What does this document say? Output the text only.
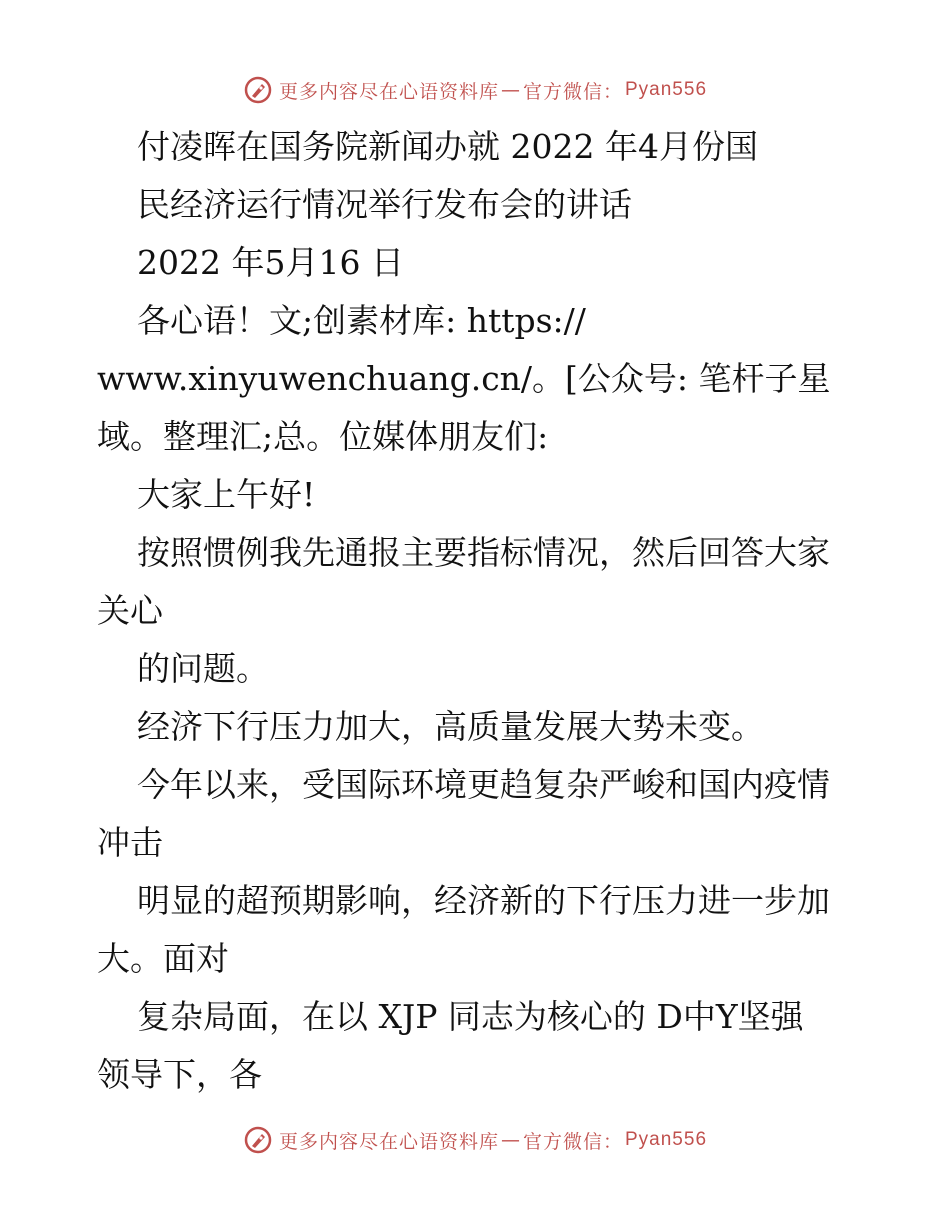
更多内容尽在心语资料库 — 官方微信： Pyan556
付凌晖在国务院新闻办就 2022 年4月份国
民经济运行情况举行发布会的讲话
2022 年5月16 日
各心语！文;创素材库: https://
www.xinyuwenchuang.cn/。[公众号: 笔杆子星
域。整理汇;总。位媒体朋友们:
大家上午好!
按照惯例我先通报主要指标情况，然后回答大家
关心
的问题。
经济下行压力加大，高质量发展大势未变。
今年以来，受国际环境更趋复杂严峻和国内疫情
冲击
明显的超预期影响，经济新的下行压力进一步加
大。面对
复杂局面，在以 XJP 同志为核心的 D中Y坚强
领导下，各
更多内容尽在心语资料库 — 官方微信： Pyan556
